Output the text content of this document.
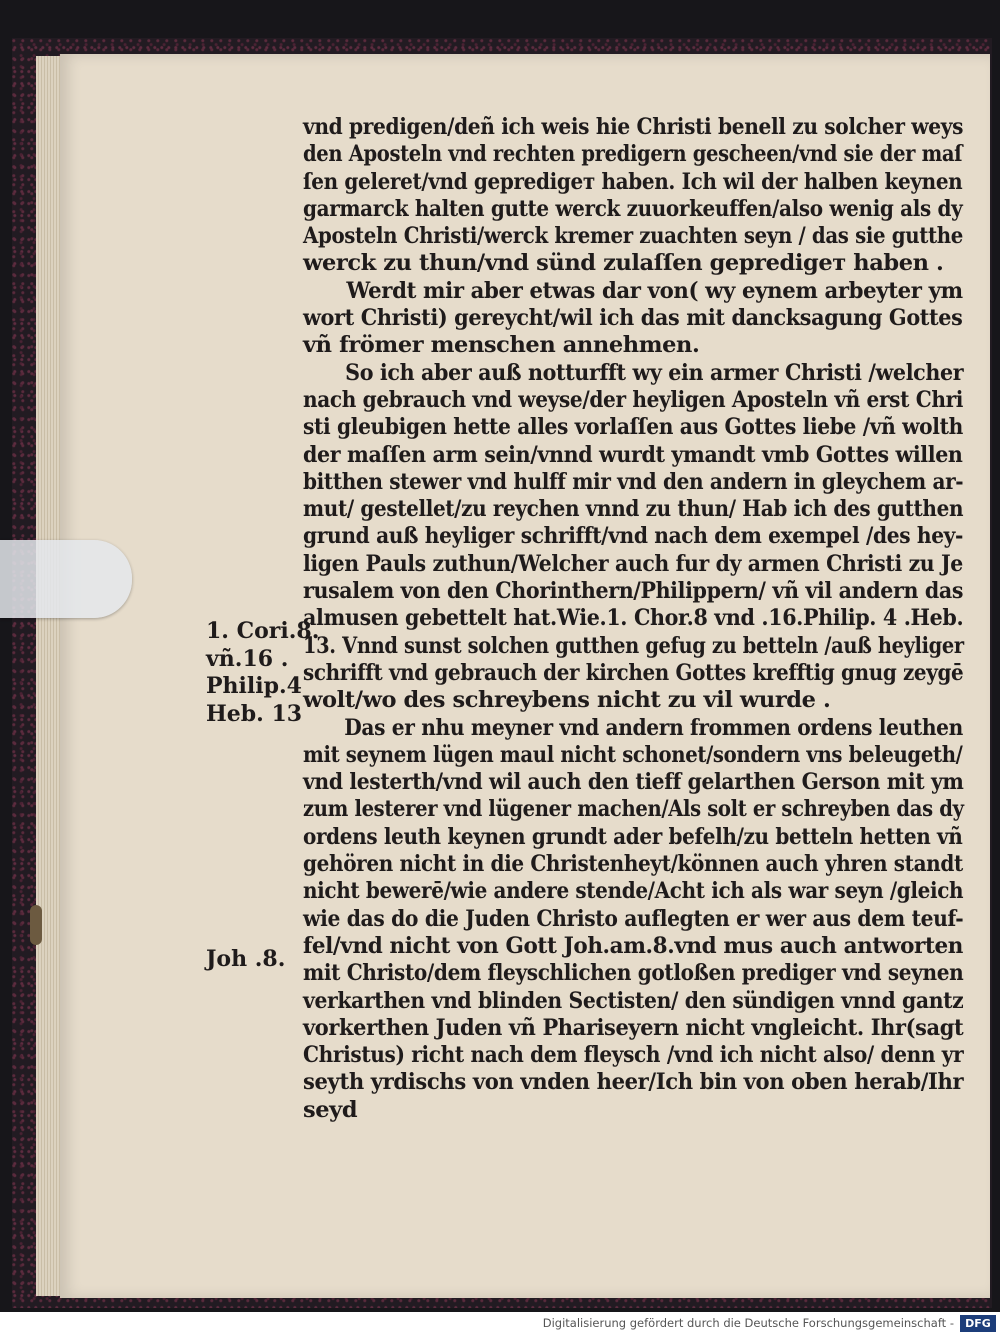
vnd predigen/deñ ich weis hie Christi benell zu solcher weys
den Aposteln vnd rechten predigern gescheen/vnd sie der maſ
ſen geleret/vnd gepredigет haben. Ich wil der halben keynen
garmarck halten gutte werck zuuorkeuffen/also wenig als dy
Aposteln Christi/werck kremer zuachten seyn / das sie gutthe
werck zu thun/vnd sünd zulaſſen gepredigет haben .
Werdt mir aber etwas dar von( wy eynem arbeyter ym
wort Christi) gereycht/wil ich das mit dancksagung Gottes
vñ frömer menschen annehmen.
So ich aber auß notturfft wy ein armer Christi /welcher
nach gebrauch vnd weyse/der heyligen Aposteln vñ erst Chri
sti gleubigen hette alles vorlaſſen aus Gottes liebe /vñ wolth
der maſſen arm sein/vnnd wurdt ymandt vmb Gottes willen
bitthen stewer vnd hulff mir vnd den andern in gleychem ar-
mut/ gestellet/zu reychen vnnd zu thun/ Hab ich des gutthen
grund auß heyliger schrifft/vnd nach dem exempel /des hey-
ligen Pauls zuthun/Welcher auch fur dy armen Christi zu Je
rusalem von den Chorinthern/Philippern/ vñ vil andern das
almusen gebettelt hat.Wie.1. Chor.8 vnd .16.Philip. 4 .Heb.
13. Vnnd sunst solchen gutthen gefug zu betteln /auß heyliger
schrifft vnd gebrauch der kirchen Gottes krefftig gnug zeygē
wolt/wo des schreybens nicht zu vil wurde .
Das er nhu meyner vnd andern frommen ordens leuthen
mit seynem lügen maul nicht schonet/sondern vns beleugeth/
vnd lesterth/vnd wil auch den tieff gelarthen Gerson mit ym
zum lesterer vnd lügener machen/Als solt er schreyben das dy
ordens leuth keynen grundt ader befelh/zu betteln hetten vñ
gehören nicht in die Christenheyt/können auch yhren standt
nicht bewerē/wie andere stende/Acht ich als war seyn /gleich
wie das do die Juden Christo auflegten er wer aus dem teuf-
fel/vnd nicht von Gott Joh.am.8.vnd mus auch antworten
mit Christo/dem fleyschlichen gotloßen prediger vnd seynen
verkarthen vnd blinden Sectisten/ den sündigen vnnd gantz
vorkerthen Juden vñ Phariseyern nicht vngleicht. Ihr(sagt
Christus) richt nach dem fleysch /vnd ich nicht also/ denn yr
seyth yrdischs von vnden heer/Ich bin von oben herab/Ihr
seyd
1. Cori.8.
vñ.16 .
Philip.4
Heb. 13
Joh .8.
Digitalisierung gefördert durch die Deutsche Forschungsgemeinschaft -	DFG
